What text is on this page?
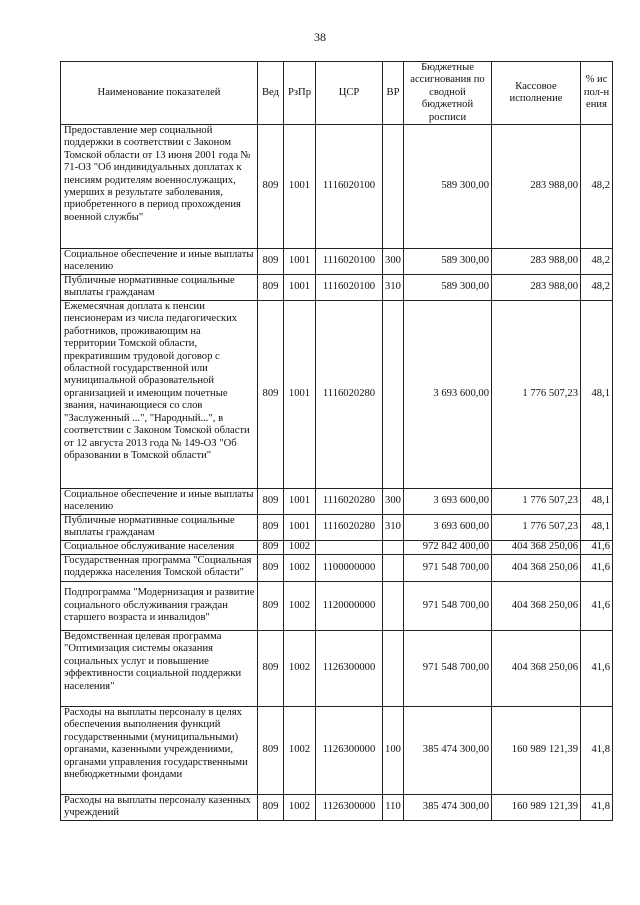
38
Наименование показателей	Вед	РзПр	ЦСР	ВР	Бюджетные ассигнования по сводной бюджетной росписи	Кассовое исполнение	% испол-нения
Предоставление мер социальной поддержки в соответствии с Законом Томской области от 13 июня 2001 года № 71-ОЗ "Об индивидуальных доплатах к пенсиям родителям военнослужащих, умерших в результате заболевания, приобретенного в период прохождения военной службы"	809	1001	1116020100		589 300,00	283 988,00	48,2
Социальное обеспечение и иные выплаты населению	809	1001	1116020100	300	589 300,00	283 988,00	48,2
Публичные нормативные социальные выплаты гражданам	809	1001	1116020100	310	589 300,00	283 988,00	48,2
Ежемесячная доплата к пенсии пенсионерам из числа педагогических работников, проживающим на территории Томской области, прекратившим трудовой договор с областной государственной или муниципальной образовательной организацией и имеющим почетные звания, начинающиеся со слов "Заслуженный ...", "Народный...", в соответствии с Законом Томской области от 12 августа 2013 года № 149-ОЗ "Об образовании в Томской области"	809	1001	1116020280		3 693 600,00	1 776 507,23	48,1
Социальное обеспечение и иные выплаты населению	809	1001	1116020280	300	3 693 600,00	1 776 507,23	48,1
Публичные нормативные социальные выплаты гражданам	809	1001	1116020280	310	3 693 600,00	1 776 507,23	48,1
Социальное обслуживание населения	809	1002			972 842 400,00	404 368 250,06	41,6
Государственная программа "Социальная поддержка населения Томской области"	809	1002	1100000000		971 548 700,00	404 368 250,06	41,6
Подпрограмма "Модернизация и развитие социального обслуживания граждан старшего возраста и инвалидов"	809	1002	1120000000		971 548 700,00	404 368 250,06	41,6
Ведомственная целевая программа "Оптимизация системы оказания социальных услуг и повышение эффективности социальной поддержки населения"	809	1002	1126300000		971 548 700,00	404 368 250,06	41,6
Расходы на выплаты персоналу в целях обеспечения выполнения функций государственными (муниципальными) органами, казенными учреждениями, органами управления государственными внебюджетными фондами	809	1002	1126300000	100	385 474 300,00	160 989 121,39	41,8
Расходы на выплаты персоналу казенных учреждений	809	1002	1126300000	110	385 474 300,00	160 989 121,39	41,8
